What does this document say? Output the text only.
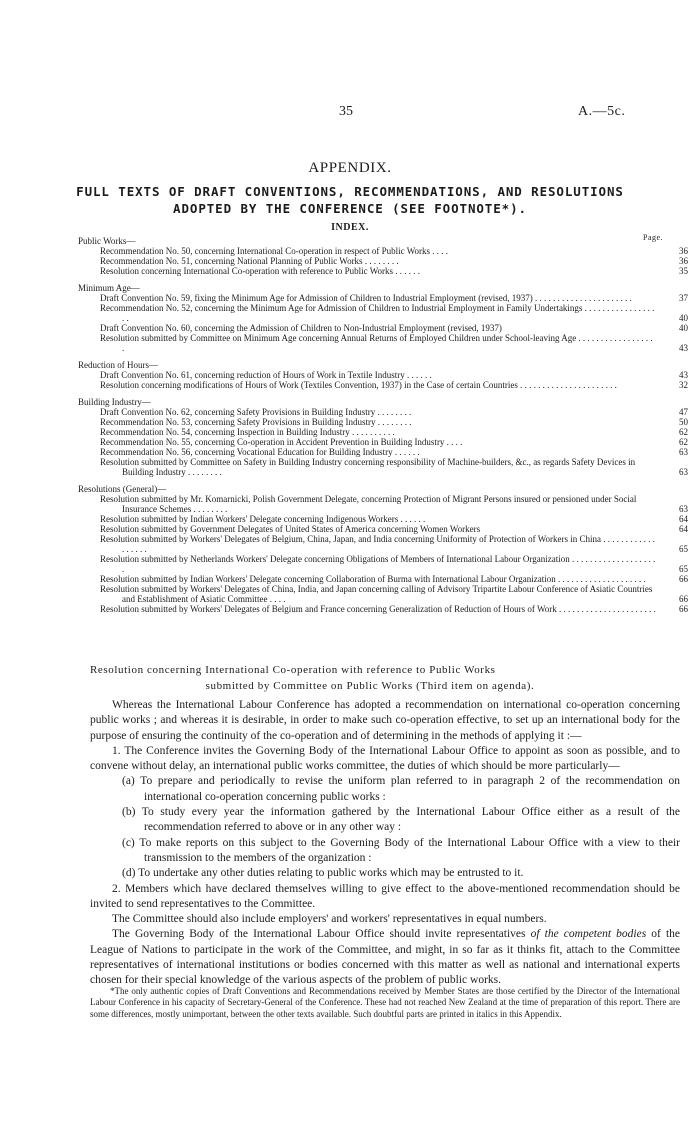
35	A.—5c.
APPENDIX.
FULL TEXTS OF DRAFT CONVENTIONS, RECOMMENDATIONS, AND RESOLUTIONS
ADOPTED BY THE CONFERENCE (SEE FOOTNOTE*).
INDEX.
Page.
Public Works—
Recommendation No. 50, concerning International Co-operation in respect of Public Works . . . .	36
Recommendation No. 51, concerning National Planning of Public Works . . . . . . . .	36
Resolution concerning International Co-operation with reference to Public Works . . . . . .	35
Minimum Age—
Draft Convention No. 59, fixing the Minimum Age for Admission of Children to Industrial Employment (revised, 1937) . . . . . . . . . . . . . . . . . . . . . .	37
Recommendation No. 52, concerning the Minimum Age for Admission of Children to Industrial Employment in Family Undertakings . . . . . . . . . . . . . . . . . .	40
Draft Convention No. 60, concerning the Admission of Children to Non-Industrial Employment (revised, 1937)	40
Resolution submitted by Committee on Minimum Age concerning Annual Returns of Employed Children under School-leaving Age . . . . . . . . . . . . . . . . . .	43
Reduction of Hours—
Draft Convention No. 61, concerning reduction of Hours of Work in Textile Industry . . . . . .	43
Resolution concerning modifications of Hours of Work (Textiles Convention, 1937) in the Case of certain Countries . . . . . . . . . . . . . . . . . . . . . .	32
Building Industry—
Draft Convention No. 62, concerning Safety Provisions in Building Industry . . . . . . . .	47
Recommendation No. 53, concerning Safety Provisions in Building Industry . . . . . . . .	50
Recommendation No. 54, concerning Inspection in Building Industry . . . . . . . . . .	62
Recommendation No. 55, concerning Co-operation in Accident Prevention in Building Industry . . . .	62
Recommendation No. 56, concerning Vocational Education for Building Industry . . . . . .	63
Resolution submitted by Committee on Safety in Building Industry concerning responsibility of Machine-builders, &c., as regards Safety Devices in Building Industry . . . . . . . .	63
Resolutions (General)—
Resolution submitted by Mr. Komarnicki, Polish Government Delegate, concerning Protection of Migrant Persons insured or pensioned under Social Insurance Schemes . . . . . . . .	63
Resolution submitted by Indian Workers' Delegate concerning Indigenous Workers . . . . . .	64
Resolution submitted by Government Delegates of United States of America concerning Women Workers	64
Resolution submitted by Workers' Delegates of Belgium, China, Japan, and India concerning Uniformity of Protection of Workers in China . . . . . . . . . . . . . . . . . .	65
Resolution submitted by Netherlands Workers' Delegate concerning Obligations of Members of International Labour Organization . . . . . . . . . . . . . . . . . . . .	65
Resolution submitted by Indian Workers' Delegate concerning Collaboration of Burma with International Labour Organization . . . . . . . . . . . . . . . . . . . .	66
Resolution submitted by Workers' Delegates of China, India, and Japan concerning calling of Advisory Tripartite Labour Conference of Asiatic Countries and Establishment of Asiatic Committee . . . .	66
Resolution submitted by Workers' Delegates of Belgium and France concerning Generalization of Reduction of Hours of Work . . . . . . . . . . . . . . . . . . . . . .	66
Resolution concerning International Co-operation with reference to Public Works
submitted by Committee on Public Works (Third item on agenda).

Whereas the International Labour Conference has adopted a recommendation on international co-operation concerning public works ; and whereas it is desirable, in order to make such co-operation effective, to set up an international body for the purpose of ensuring the continuity of the co-operation and of determining in the methods of applying it :—

1. The Conference invites the Governing Body of the International Labour Office to appoint as soon as possible, and to convene without delay, an international public works committee, the duties of which should be more particularly—

(a) To prepare and periodically to revise the uniform plan referred to in paragraph 2 of the recommendation on international co-operation concerning public works :

(b) To study every year the information gathered by the International Labour Office either as a result of the recommendation referred to above or in any other way :

(c) To make reports on this subject to the Governing Body of the International Labour Office with a view to their transmission to the members of the organization :

(d) To undertake any other duties relating to public works which may be entrusted to it.

2. Members which have declared themselves willing to give effect to the above-mentioned recommendation should be invited to send representatives to the Committee.

The Committee should also include employers' and workers' representatives in equal numbers.

The Governing Body of the International Labour Office should invite representatives of the competent bodies of the League of Nations to participate in the work of the Committee, and might, in so far as it thinks fit, attach to the Committee representatives of international institutions or bodies concerned with this matter as well as national and international experts chosen for their special knowledge of the various aspects of the problem of public works.

*The only authentic copies of Draft Conventions and Recommendations received by Member States are those certified by the Director of the International Labour Conference in his capacity of Secretary-General of the Conference. These had not reached New Zealand at the time of preparation of this report. There are some differences, mostly unimportant, between the other texts available. Such doubtful parts are printed in italics in this Appendix.
